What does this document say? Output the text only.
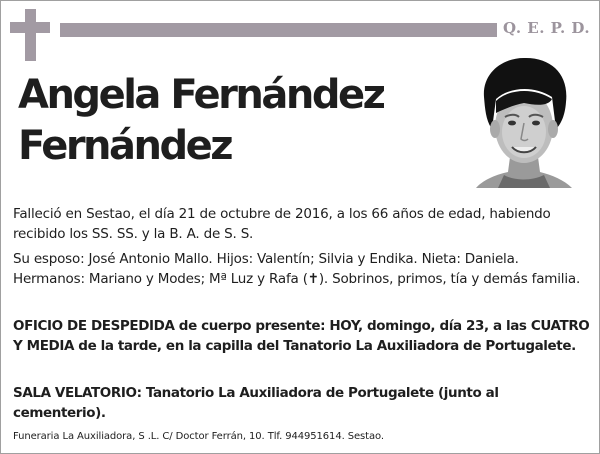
Q. E. P. D.
Angela Fernández
Fernández
Falleció en Sestao, el día 21 de octubre de 2016, a los 66 años de edad, habiendo recibido los SS. SS. y la B. A. de S. S.
Su esposo: José Antonio Mallo. Hijos: Valentín; Silvia y Endika. Nieta: Daniela. Hermanos: Mariano y Modes; Mª Luz y Rafa (✝). Sobrinos, primos, tía y demás familia.
OFICIO DE DESPEDIDA de cuerpo presente: HOY, domingo, día 23, a las CUATRO Y MEDIA de la tarde, en la capilla del Tanatorio La Auxiliadora de Portugalete.
SALA VELATORIO: Tanatorio La Auxiliadora de Portugalete (junto al cementerio).
Funeraria La Auxiliadora, S .L. C/ Doctor Ferrán, 10. Tlf. 944951614. Sestao.
